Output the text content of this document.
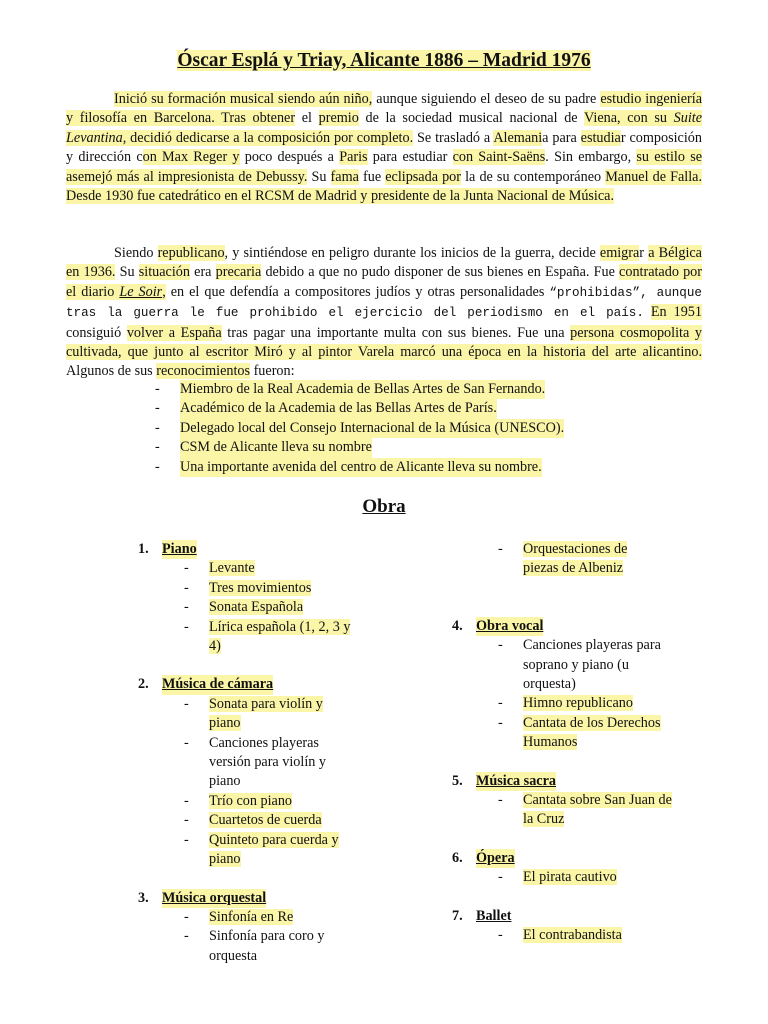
Óscar Esplá y Triay, Alicante 1886 – Madrid 1976

Inició su formación musical siendo aún niño, aunque siguiendo el deseo de su padre estudio ingeniería y filosofía en Barcelona. Tras obtener el premio de la sociedad musical nacional de Viena, con su Suite Levantina, decidió dedicarse a la composición por completo. Se trasladó a Alemania para estudiar composición y dirección con Max Reger y poco después a Paris para estudiar con Saint-Saëns. Sin embargo, su estilo se asemejó más al impresionista de Debussy. Su fama fue eclipsada por la de su contemporáneo Manuel de Falla. Desde 1930 fue catedrático en el RCSM de Madrid y presidente de la Junta Nacional de Música.

Siendo republicano, y sintiéndose en peligro durante los inicios de la guerra, decide emigrar a Bélgica en 1936. Su situación era precaria debido a que no pudo disponer de sus bienes en España. Fue contratado por el diario Le Soir, en el que defendía a compositores judíos y otras personalidades “prohibidas”, aunque tras la guerra le fue prohibido el ejercicio del periodismo en el país. En 1951 consiguió volver a España tras pagar una importante multa con sus bienes. Fue una persona cosmopolita y cultivada, que junto al escritor Miró y al pintor Varela marcó una época en la historia del arte alicantino. Algunos de sus reconocimientos fueron:

-	Miembro de la Real Academia de Bellas Artes de San Fernando.
-	Académico de la Academia de las Bellas Artes de París.
-	Delegado local del Consejo Internacional de la Música (UNESCO).
-	CSM de Alicante lleva su nombre
-	Una importante avenida del centro de Alicante lleva su nombre.
Obra
1. Piano
-	Levante
-	Tres movimientos
-	Sonata Española
-	Lírica española (1, 2, 3 y 4)
2. Música de cámara
-	Sonata para violín y piano
-	Canciones playeras versión para violín y piano
-	Trío con piano
-	Cuartetos de cuerda
-	Quinteto para cuerda y piano
3. Música orquestal
-	Sinfonía en Re
-	Sinfonía para coro y orquesta
-	Orquestaciones de piezas de Albeniz
4. Obra vocal
-	Canciones playeras para soprano y piano (u orquesta)
-	Himno republicano
-	Cantata de los Derechos Humanos
5. Música sacra
-	Cantata sobre San Juan de la Cruz
6. Ópera
-	El pirata cautivo
7. Ballet
-	El contrabandista
